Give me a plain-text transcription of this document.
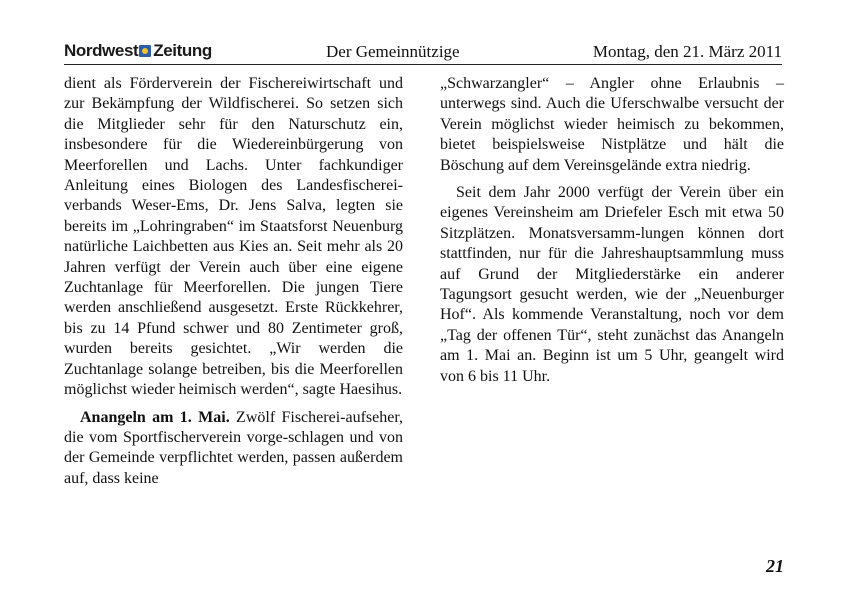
Nordwest Zeitung	Der Gemeinnützige	Montag, den 21. März 2011

dient als Förderverein der Fischereiwirtschaft und zur Bekämpfung der Wildfischerei. So setzen sich die Mitglieder sehr für den Naturschutz ein, insbesondere für die Wiedereinbürgerung von Meerforellen und Lachs. Unter fachkundiger Anleitung eines Biologen des Landesfischerei-verbands Weser-Ems, Dr. Jens Salva, legten sie bereits im „Lohringraben“ im Staatsforst Neuenburg natürliche Laichbetten aus Kies an. Seit mehr als 20 Jahren verfügt der Verein auch über eine eigene Zuchtanlage für Meerforellen. Die jungen Tiere werden anschließend ausgesetzt. Erste Rückkehrer, bis zu 14 Pfund schwer und 80 Zentimeter groß, wurden bereits gesichtet. „Wir werden die Zuchtanlage solange betreiben, bis die Meerforellen möglichst wieder heimisch werden“, sagte Haesihus.

Anangeln am 1. Mai. Zwölf Fischerei-aufseher, die vom Sportfischerverein vorge-schlagen und von der Gemeinde verpflichtet werden, passen außerdem auf, dass keine

„Schwarzangler“ – Angler ohne Erlaubnis – unterwegs sind. Auch die Uferschwalbe versucht der Verein möglichst wieder heimisch zu bekommen, bietet beispielsweise Nistplätze und hält die Böschung auf dem Vereinsgelände extra niedrig.

Seit dem Jahr 2000 verfügt der Verein über ein eigenes Vereinsheim am Driefeler Esch mit etwa 50 Sitzplätzen. Monatsversamm-lungen können dort stattfinden, nur für die Jahreshauptsammlung muss auf Grund der Mitgliederstärke ein anderer Tagungsort gesucht werden, wie der „Neuenburger Hof“. Als kommende Veranstaltung, noch vor dem „Tag der offenen Tür“, steht zunächst das Anangeln am 1. Mai an. Beginn ist um 5 Uhr, geangelt wird von 6 bis 11 Uhr.

21
